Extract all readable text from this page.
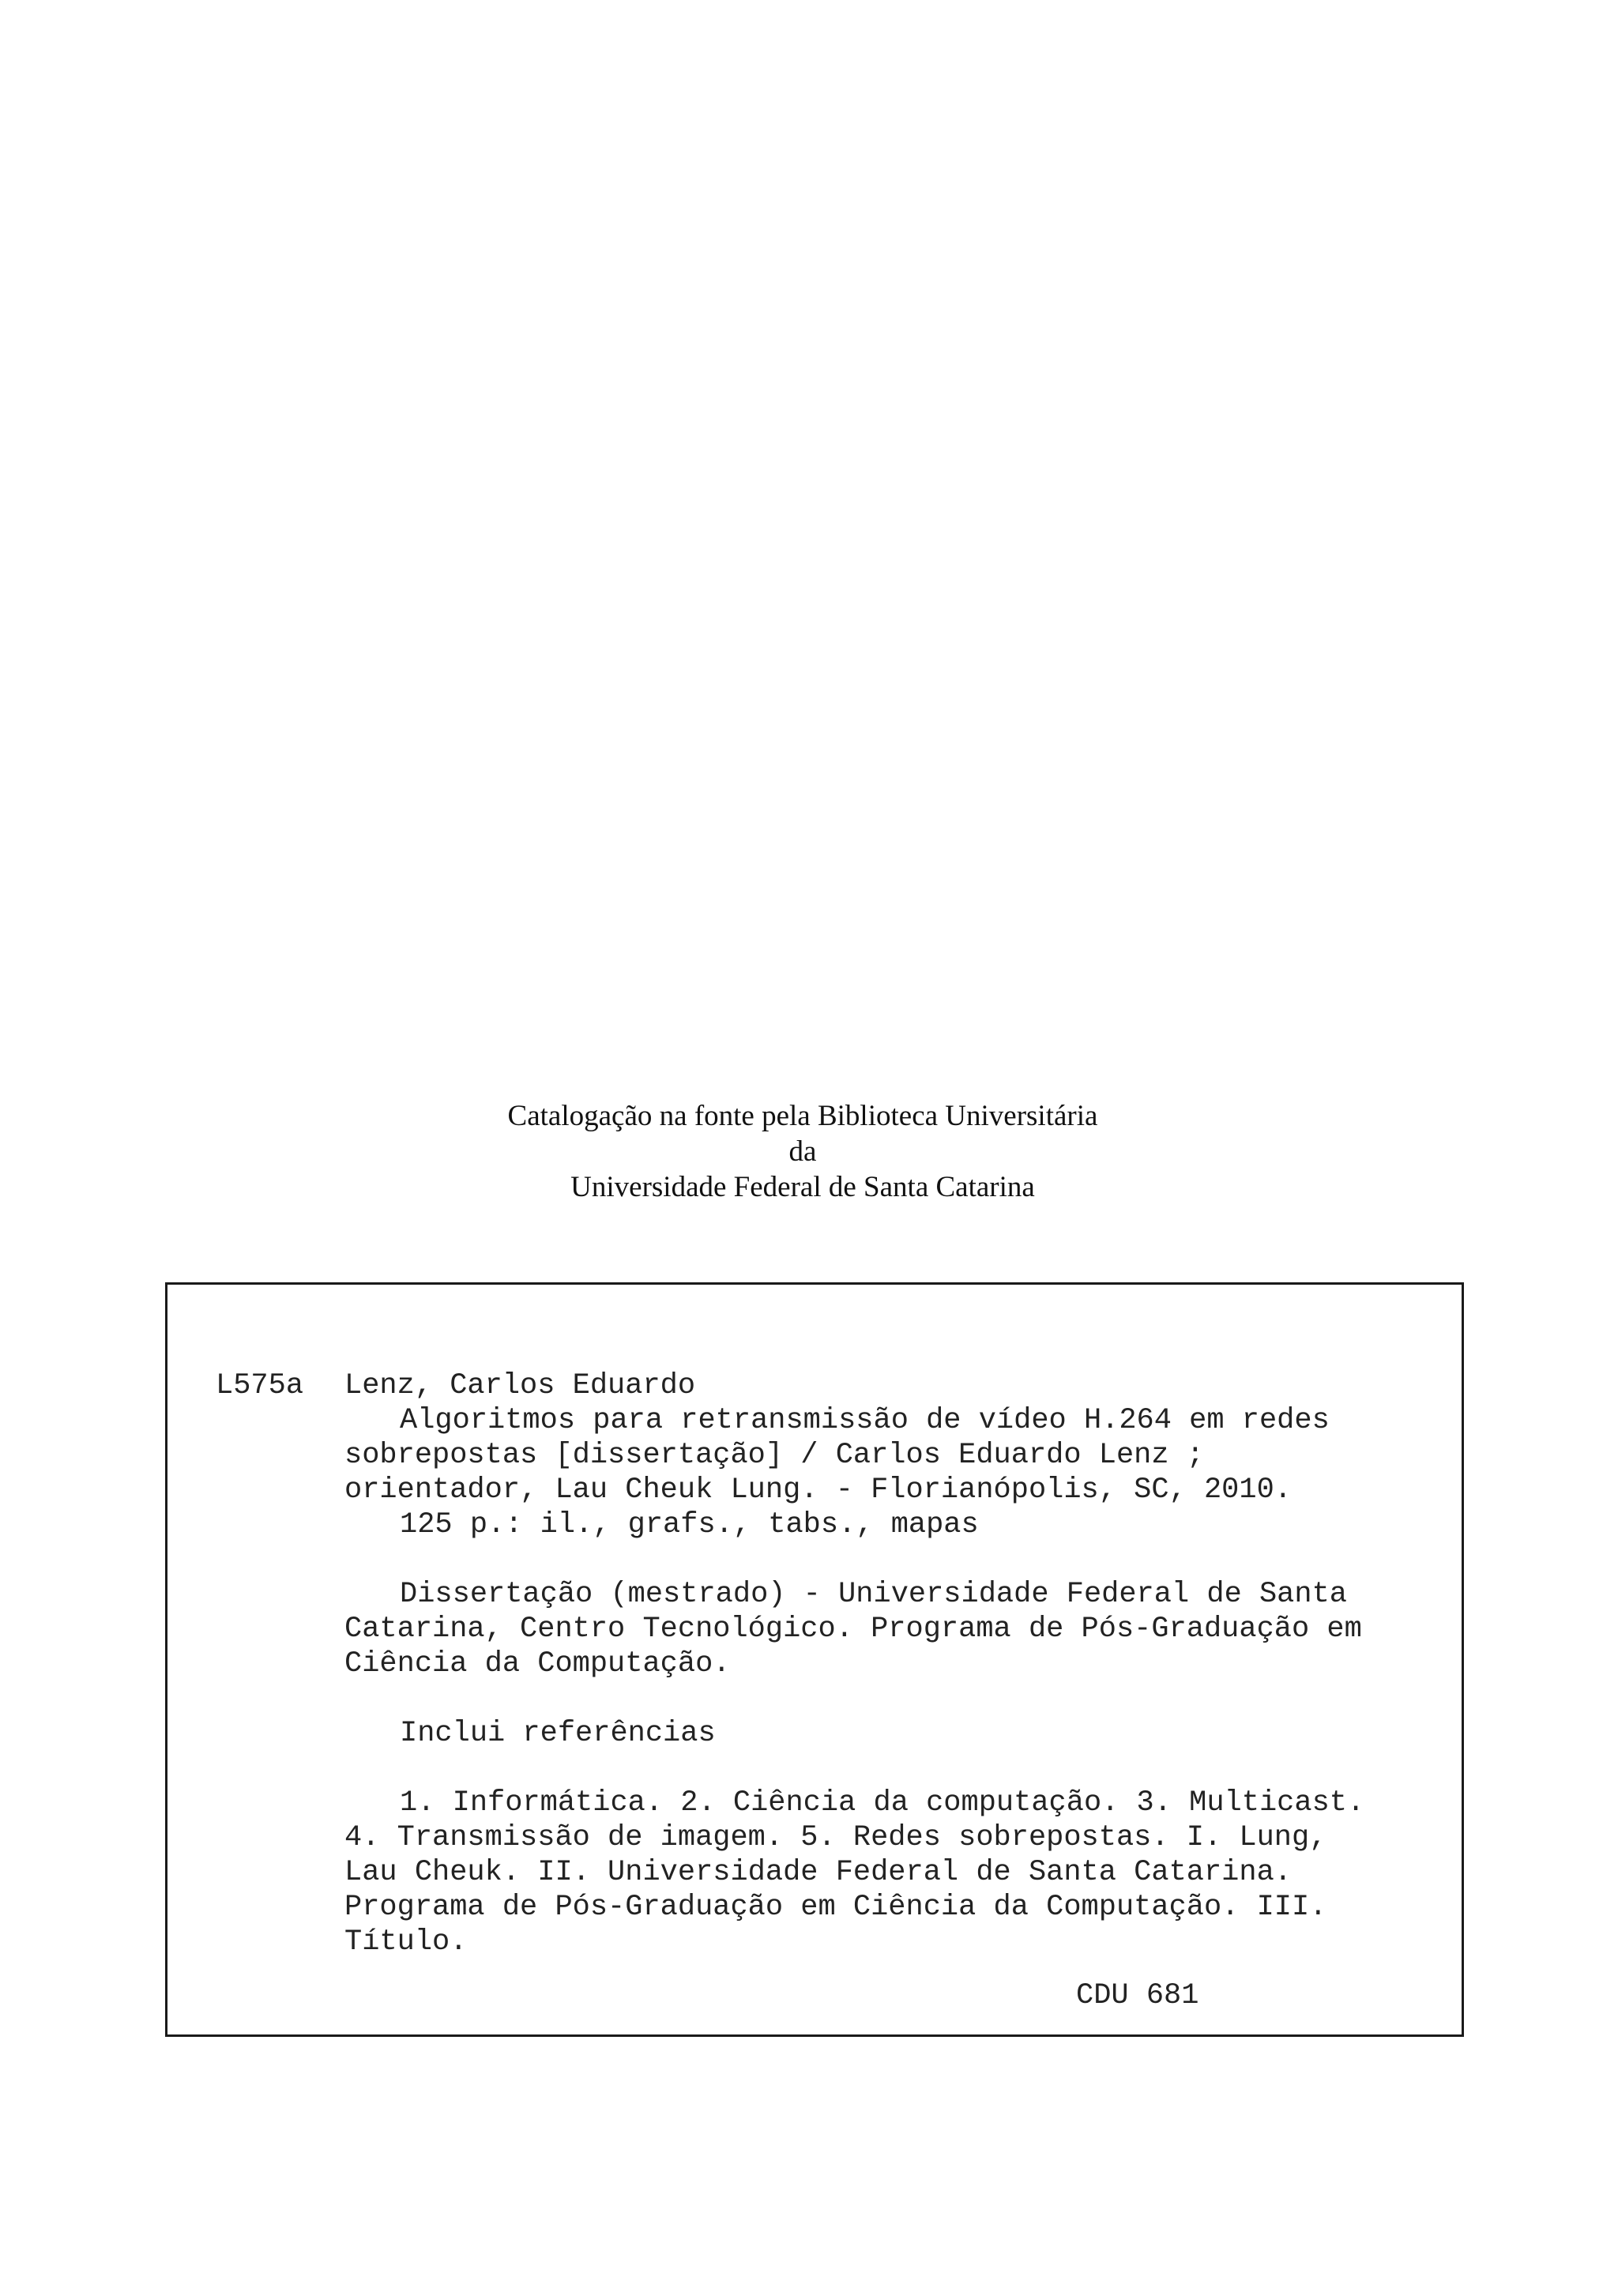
Catalogação na fonte pela Biblioteca Universitária
da
Universidade Federal de Santa Catarina
L575a Lenz, Carlos Eduardo
Algoritmos para retransmissão de vídeo H.264 em redes
sobrepostas [dissertação] / Carlos Eduardo Lenz ;
orientador, Lau Cheuk Lung. - Florianópolis, SC, 2010.
125 p.: il., grafs., tabs., mapas
Dissertação (mestrado) - Universidade Federal de Santa
Catarina, Centro Tecnológico. Programa de Pós-Graduação em
Ciência da Computação.
Inclui referências
1. Informática. 2. Ciência da computação. 3. Multicast.
4. Transmissão de imagem. 5. Redes sobrepostas. I. Lung,
Lau Cheuk. II. Universidade Federal de Santa Catarina.
Programa de Pós-Graduação em Ciência da Computação. III.
Título.
CDU 681
